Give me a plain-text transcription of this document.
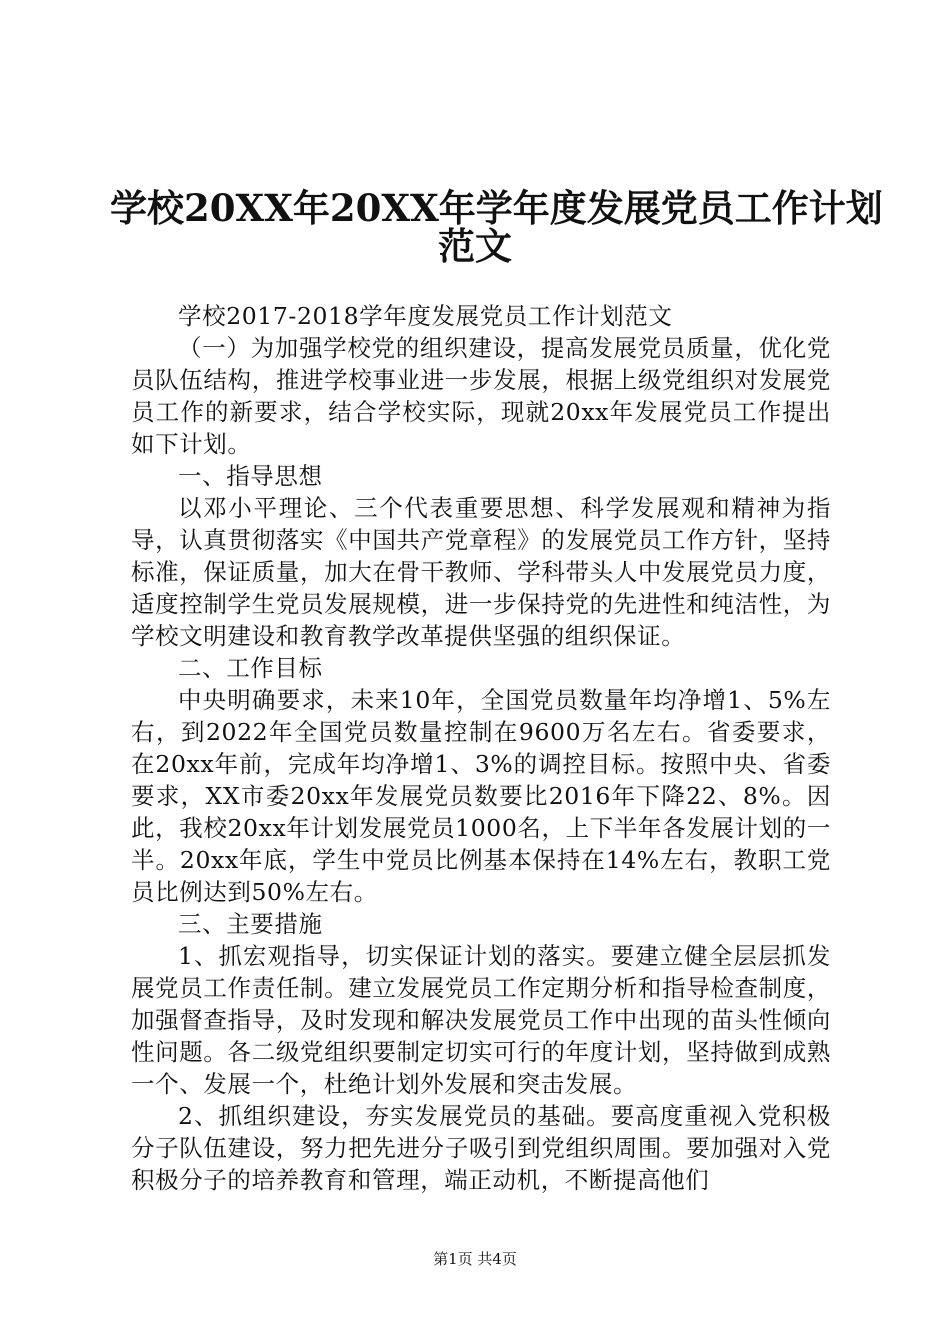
学校20XX年20XX年学年度发展党员工作计划
范文

学校2017-2018学年度发展党员工作计划范文

（一）为加强学校党的组织建设，提高发展党员质量，优化党员队伍结构，推进学校事业进一步发展，根据上级党组织对发展党员工作的新要求，结合学校实际，现就20xx年发展党员工作提出如下计划。

一、指导思想

以邓小平理论、三个代表重要思想、科学发展观和精神为指导，认真贯彻落实《中国共产党章程》的发展党员工作方针，坚持标准，保证质量，加大在骨干教师、学科带头人中发展党员力度，适度控制学生党员发展规模，进一步保持党的先进性和纯洁性，为学校文明建设和教育教学改革提供坚强的组织保证。

二、工作目标

中央明确要求，未来10年，全国党员数量年均净增1、5%左右，到2022年全国党员数量控制在9600万名左右。省委要求，在20xx年前，完成年均净增1、3%的调控目标。按照中央、省委要求，XX市委20xx年发展党员数要比2016年下降22、8%。因此，我校20xx年计划发展党员1000名，上下半年各发展计划的一半。20xx年底，学生中党员比例基本保持在14%左右，教职工党员比例达到50%左右。

三、主要措施

1、抓宏观指导，切实保证计划的落实。要建立健全层层抓发展党员工作责任制。建立发展党员工作定期分析和指导检查制度，加强督查指导，及时发现和解决发展党员工作中出现的苗头性倾向性问题。各二级党组织要制定切实可行的年度计划，坚持做到成熟一个、发展一个，杜绝计划外发展和突击发展。

2、抓组织建设，夯实发展党员的基础。要高度重视入党积极分子队伍建设，努力把先进分子吸引到党组织周围。要加强对入党积极分子的培养教育和管理，端正动机，不断提高他们

第1页 共4页
